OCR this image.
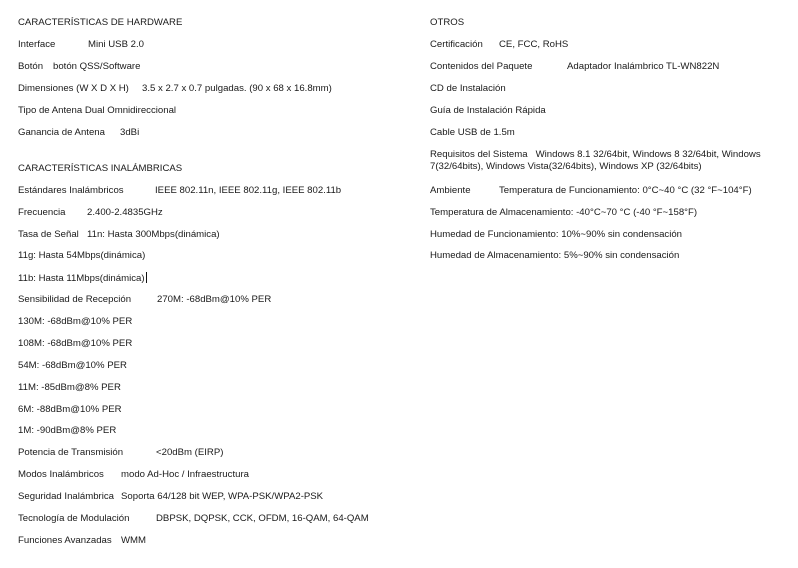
CARACTERÍSTICAS DE HARDWARE
Interface	Mini USB 2.0
Botón botón QSS/Software
Dimensiones (W X D X H) 3.5 x 2.7 x 0.7 pulgadas. (90 x 68 x 16.8mm)
Tipo de Antena Dual Omnidireccional
Ganancia de Antena 3dBi
CARACTERÍSTICAS INALÁMBRICAS
Estándares Inalámbricos	IEEE 802.11n, IEEE 802.11g, IEEE 802.11b
Frecuencia 2.400-2.4835GHz
Tasa de Señal 11n: Hasta 300Mbps(dinámica)
11g: Hasta 54Mbps(dinámica)
11b: Hasta 11Mbps(dinámica)
Sensibilidad de Recepción	270M: -68dBm@10% PER
130M: -68dBm@10% PER
108M: -68dBm@10% PER
54M: -68dBm@10% PER
11M: -85dBm@8% PER
6M: -88dBm@10% PER
1M: -90dBm@8% PER
Potencia de Transmisión	<20dBm (EIRP)
Modos Inalámbricos modo Ad-Hoc / Infraestructura
Seguridad Inalámbrica Soporta 64/128 bit WEP, WPA-PSK/WPA2-PSK
Tecnología de Modulación	DBPSK, DQPSK, CCK, OFDM, 16-QAM, 64-QAM
Funciones Avanzadas WMM
OTROS
Certificación CE, FCC, RoHS
Contenidos del Paquete	Adaptador Inalámbrico TL-WN822N
CD de Instalación
Guía de Instalación Rápida
Cable USB de 1.5m
Requisitos del Sistema Windows 8.1 32/64bit, Windows 8 32/64bit, Windows 7(32/64bits), Windows Vista(32/64bits), Windows XP (32/64bits)
Ambiente	Temperatura de Funcionamiento: 0°C~40 °C (32 °F~104°F)
Temperatura de Almacenamiento: -40°C~70 °C (-40 °F~158°F)
Humedad de Funcionamiento: 10%~90% sin condensación
Humedad de Almacenamiento: 5%~90% sin condensación
